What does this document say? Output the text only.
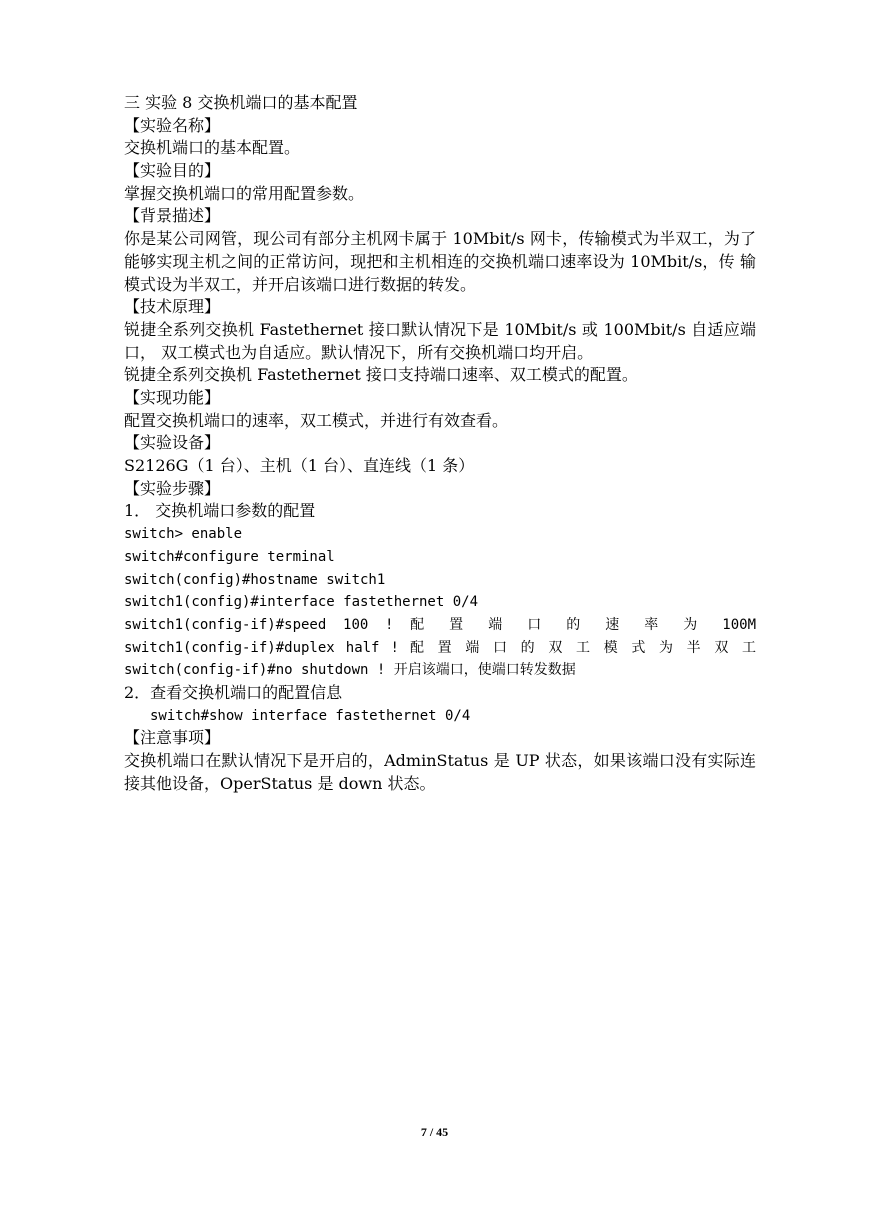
三 实验 8 交换机端口的基本配置
【实验名称】
交换机端口的基本配置。
【实验目的】
掌握交换机端口的常用配置参数。
【背景描述】
你是某公司网管，现公司有部分主机网卡属于 10Mbit/s 网卡，传输模式为半双工，为了能够实现主机之间的正常访问，现把和主机相连的交换机端口速率设为 10Mbit/s，传 输模式设为半双工，并开启该端口进行数据的转发。
【技术原理】
锐捷全系列交换机 Fastethernet 接口默认情况下是 10Mbit/s 或 100Mbit/s 自适应端口， 双工模式也为自适应。默认情况下，所有交换机端口均开启。
锐捷全系列交换机 Fastethernet 接口支持端口速率、双工模式的配置。
【实现功能】
配置交换机端口的速率，双工模式，并进行有效查看。
【实验设备】
S2126G（1 台）、主机（1 台）、直连线（1 条）
【实验步骤】
1． 交换机端口参数的配置
switch> enable
switch#configure terminal
switch(config)#hostname switch1
switch1(config)#interface fastethernet 0/4
switch1(config-if)#speed 100 ! 配 置 端 口 的 速 率 为 100M
switch1(config-if)#duplex half ! 配 置 端 口 的 双 工 模 式 为 半 双 工
switch(config-if)#no shutdown ! 开启该端口，使端口转发数据
2．查看交换机端口的配置信息
switch#show interface fastethernet 0/4
【注意事项】
交换机端口在默认情况下是开启的，AdminStatus 是 UP 状态，如果该端口没有实际连 接其他设备，OperStatus 是 down 状态。
7 / 45
